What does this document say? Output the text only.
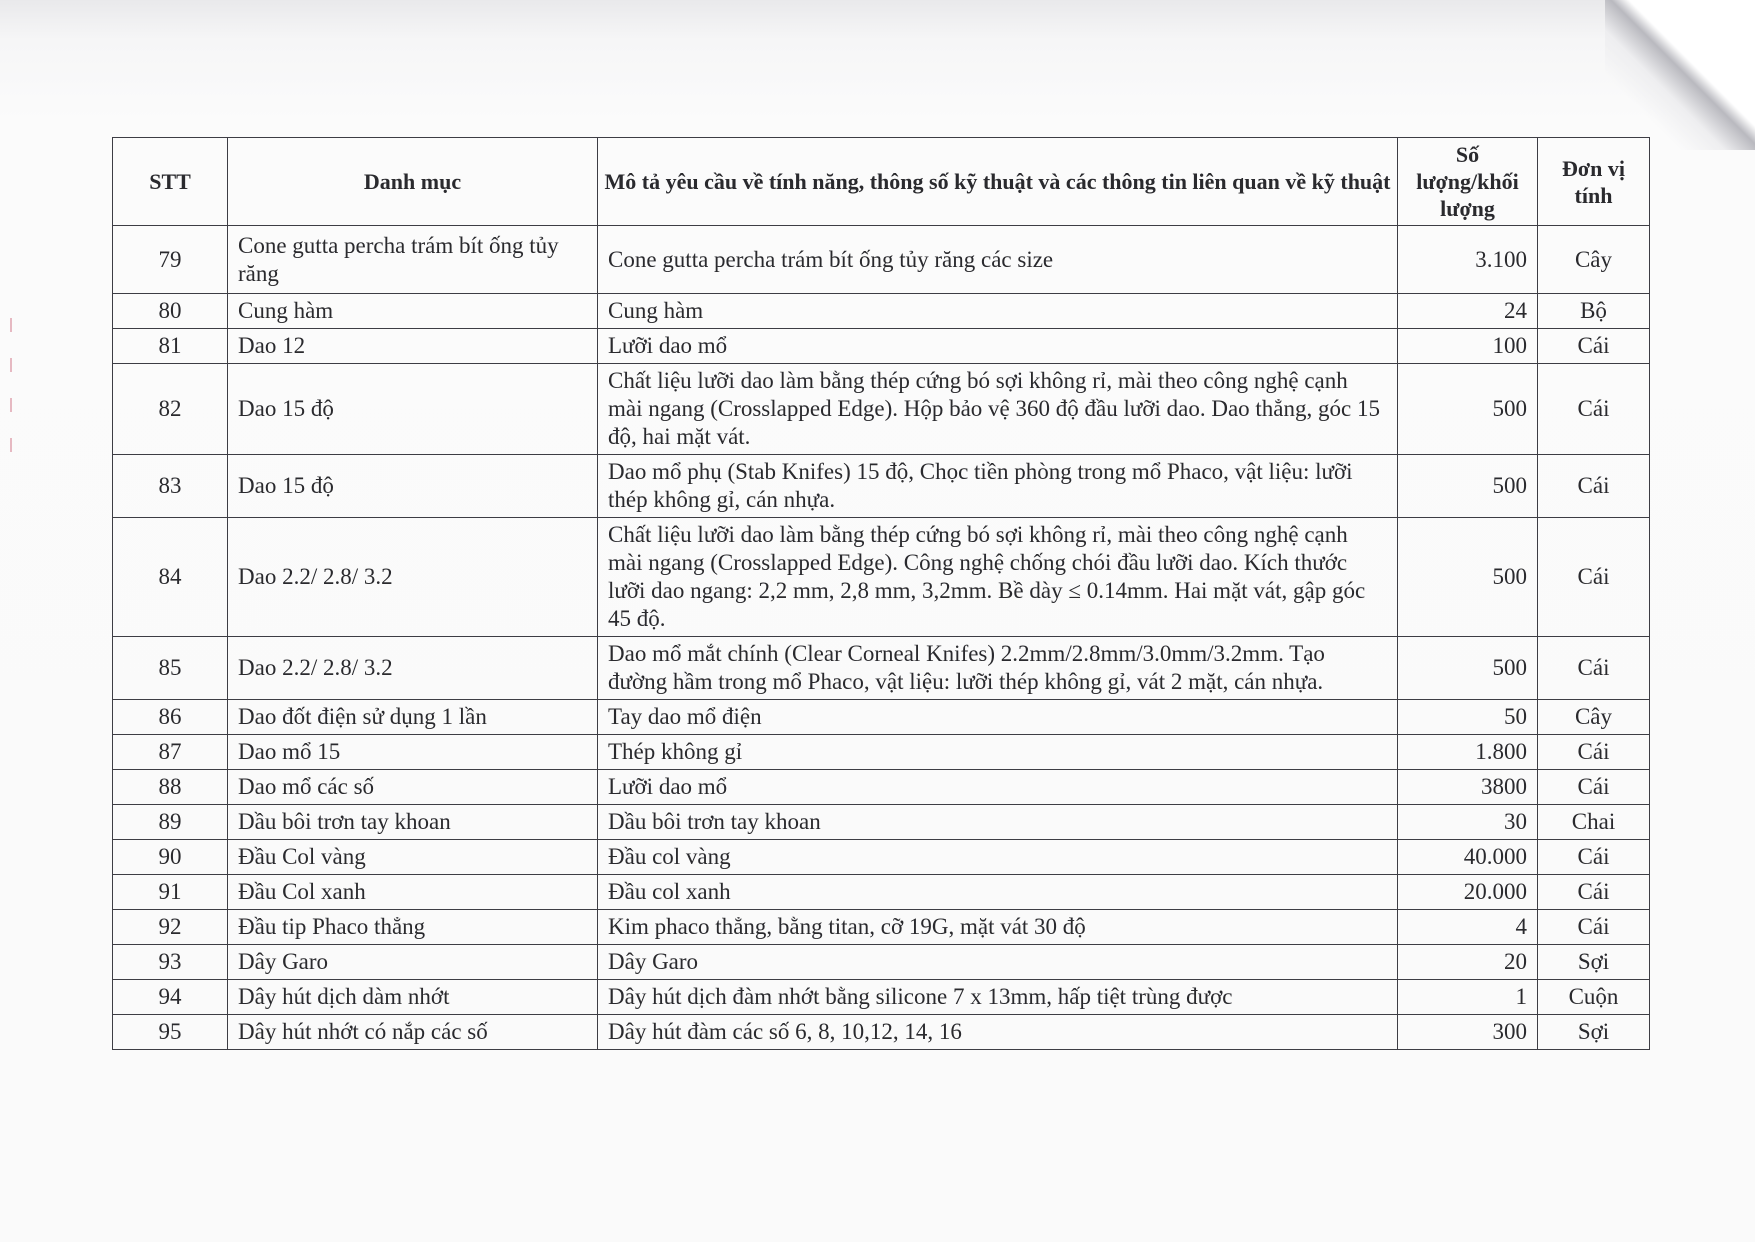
STT	Danh mục	Mô tả yêu cầu về tính năng, thông số kỹ thuật và các thông tin liên quan về kỹ thuật	Số lượng/khối lượng	Đơn vị tính
79	Cone gutta percha trám bít ống tủy răng	Cone gutta percha trám bít ống tủy răng các size	3.100	Cây
80	Cung hàm	Cung hàm	24	Bộ
81	Dao 12	Lưỡi dao mổ	100	Cái
82	Dao 15 độ	Chất liệu lưỡi dao làm bằng thép cứng bó sợi không rỉ, mài theo công nghệ cạnh mài ngang (Crosslapped Edge). Hộp bảo vệ 360 độ đầu lưỡi dao. Dao thẳng, góc 15 độ, hai mặt vát.	500	Cái
83	Dao 15 độ	Dao mổ phụ (Stab Knifes) 15 độ, Chọc tiền phòng trong mổ Phaco, vật liệu: lưỡi thép không gỉ, cán nhựa.	500	Cái
84	Dao 2.2/ 2.8/ 3.2	Chất liệu lưỡi dao làm bằng thép cứng bó sợi không rỉ, mài theo công nghệ cạnh mài ngang (Crosslapped Edge). Công nghệ chống chói đầu lưỡi dao. Kích thước lưỡi dao ngang: 2,2 mm, 2,8 mm, 3,2mm. Bề dày ≤ 0.14mm. Hai mặt vát, gập góc 45 độ.	500	Cái
85	Dao 2.2/ 2.8/ 3.2	Dao mổ mắt chính (Clear Corneal Knifes) 2.2mm/2.8mm/3.0mm/3.2mm. Tạo đường hầm trong mổ Phaco, vật liệu: lưỡi thép không gỉ, vát 2 mặt, cán nhựa.	500	Cái
86	Dao đốt điện sử dụng 1 lần	Tay dao mổ điện	50	Cây
87	Dao mổ 15	Thép không gỉ	1.800	Cái
88	Dao mổ các số	Lưỡi dao mổ	3800	Cái
89	Dầu bôi trơn tay khoan	Dầu bôi trơn tay khoan	30	Chai
90	Đầu Col vàng	Đầu col vàng	40.000	Cái
91	Đầu Col xanh	Đầu col xanh	20.000	Cái
92	Đầu tip Phaco thẳng	Kim phaco thẳng, bằng titan, cỡ 19G, mặt vát 30 độ	4	Cái
93	Dây Garo	Dây Garo	20	Sợi
94	Dây hút dịch dàm nhớt	Dây hút dịch đàm nhớt bằng silicone 7 x 13mm, hấp tiệt trùng được	1	Cuộn
95	Dây hút nhớt có nắp các số	Dây hút đàm các số 6, 8, 10,12, 14, 16	300	Sợi
